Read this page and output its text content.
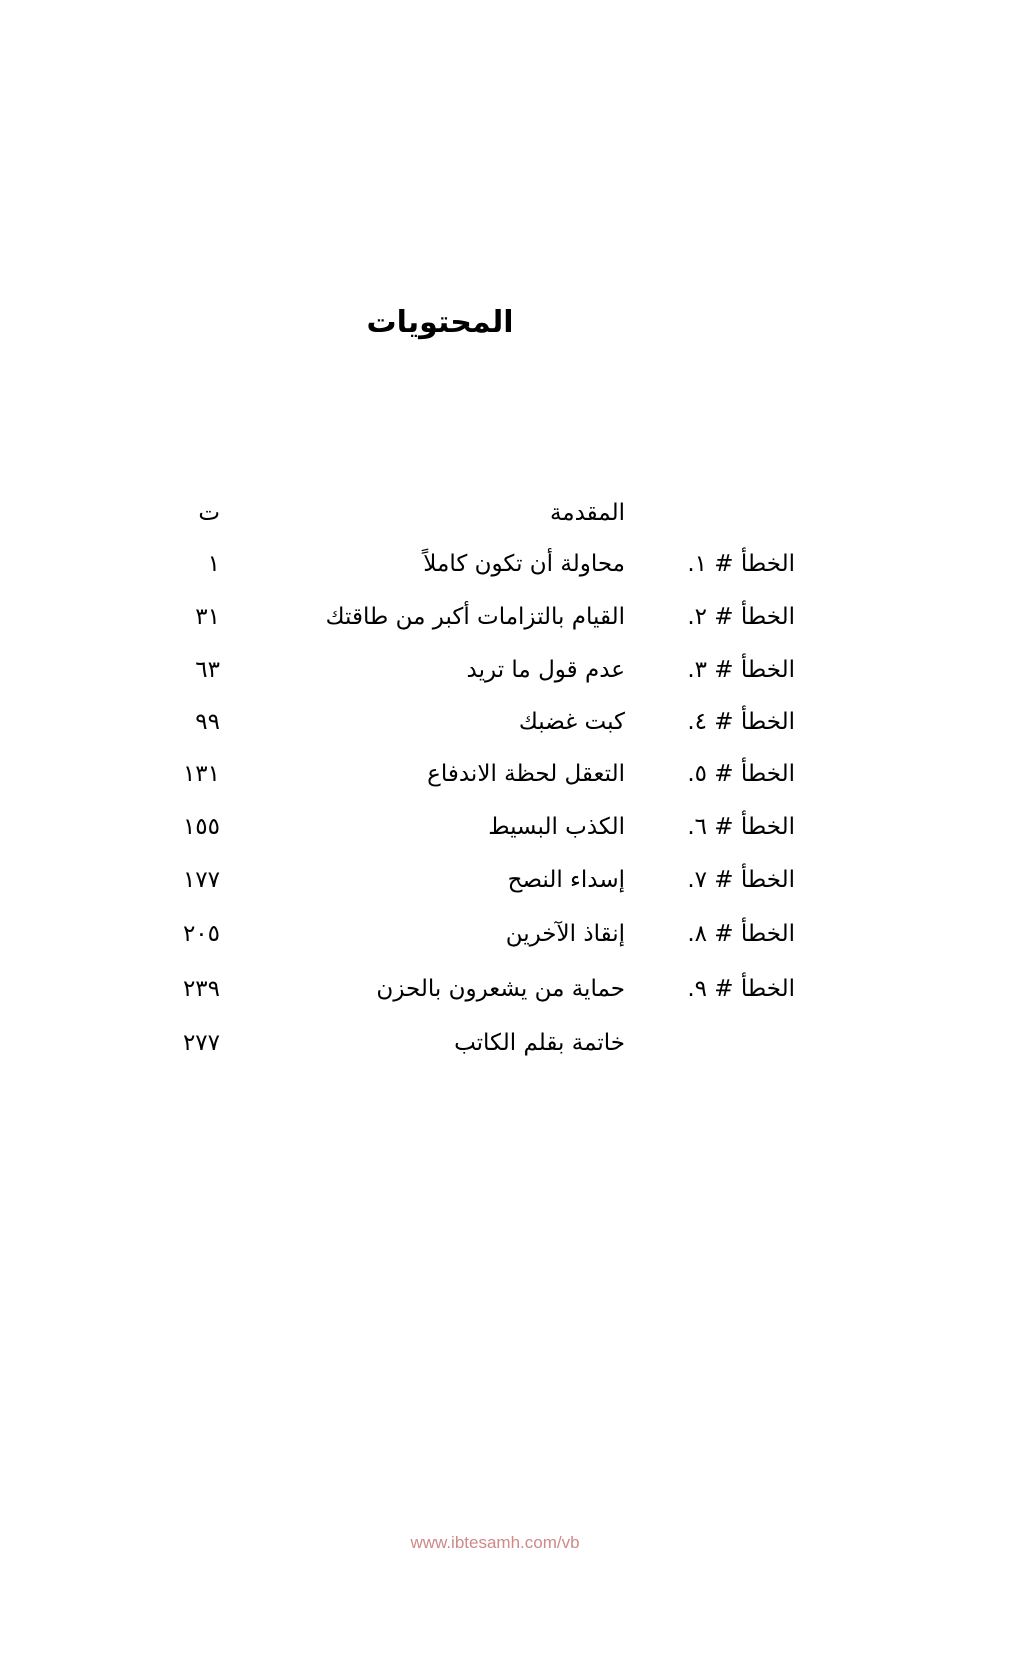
المحتويات
المقدمة
ت
الخطأ # ١.
محاولة أن تكون كاملاً
١
الخطأ # ٢.
القيام بالتزامات أكبر من طاقتك
٣١
الخطأ # ٣.
عدم قول ما تريد
٦٣
الخطأ # ٤.
كبت غضبك
٩٩
الخطأ # ٥.
التعقل لحظة الاندفاع
١٣١
الخطأ # ٦.
الكذب البسيط
١٥٥
الخطأ # ٧.
إسداء النصح
١٧٧
الخطأ # ٨.
إنقاذ الآخرين
٢٠٥
الخطأ # ٩.
حماية من يشعرون بالحزن
٢٣٩
خاتمة بقلم الكاتب
٢٧٧
www.ibtesamh.com/vb
